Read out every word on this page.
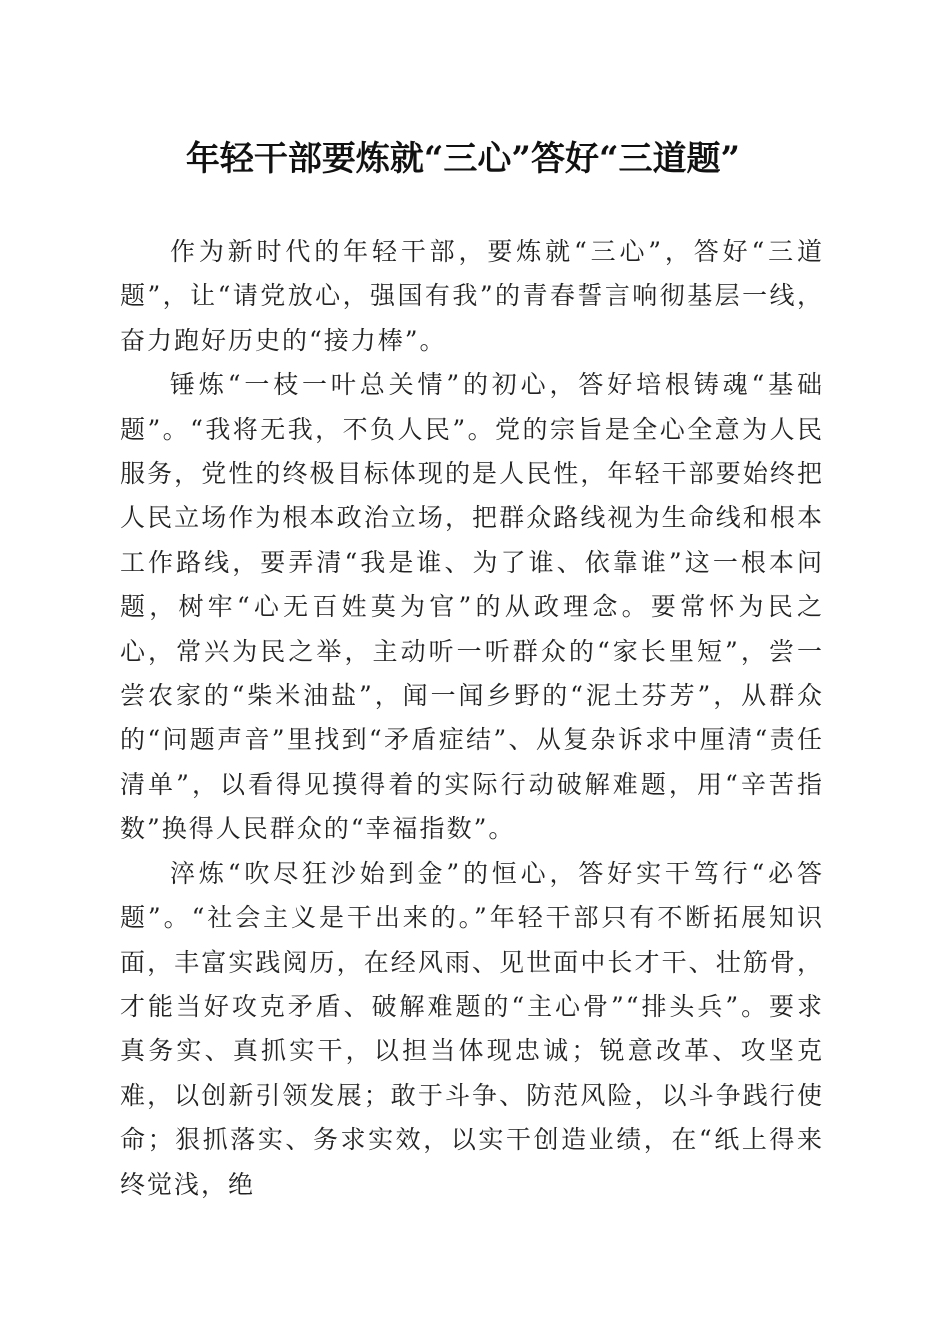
年轻干部要炼就“三心”答好“三道题”

作为新时代的年轻干部，要炼就“三心”，答好“三道题”，让“请党放心，强国有我”的青春誓言响彻基层一线，奋力跑好历史的“接力棒”。

锤炼“一枝一叶总关情”的初心，答好培根铸魂“基础题”。“我将无我，不负人民”。党的宗旨是全心全意为人民服务，党性的终极目标体现的是人民性，年轻干部要始终把人民立场作为根本政治立场，把群众路线视为生命线和根本工作路线，要弄清“我是谁、为了谁、依靠谁”这一根本问题，树牢“心无百姓莫为官”的从政理念。要常怀为民之心，常兴为民之举，主动听一听群众的“家长里短”，尝一尝农家的“柴米油盐”，闻一闻乡野的“泥土芬芳”，从群众的“问题声音”里找到“矛盾症结”、从复杂诉求中厘清“责任清单”，以看得见摸得着的实际行动破解难题，用“辛苦指数”换得人民群众的“幸福指数”。

淬炼“吹尽狂沙始到金”的恒心，答好实干笃行“必答题”。“社会主义是干出来的。”年轻干部只有不断拓展知识面，丰富实践阅历，在经风雨、见世面中长才干、壮筋骨，才能当好攻克矛盾、破解难题的“主心骨”“排头兵”。要求真务实、真抓实干，以担当体现忠诚；锐意改革、攻坚克难，以创新引领发展；敢于斗争、防范风险，以斗争践行使命；狠抓落实、务求实效，以实干创造业绩，在“纸上得来终觉浅，绝
